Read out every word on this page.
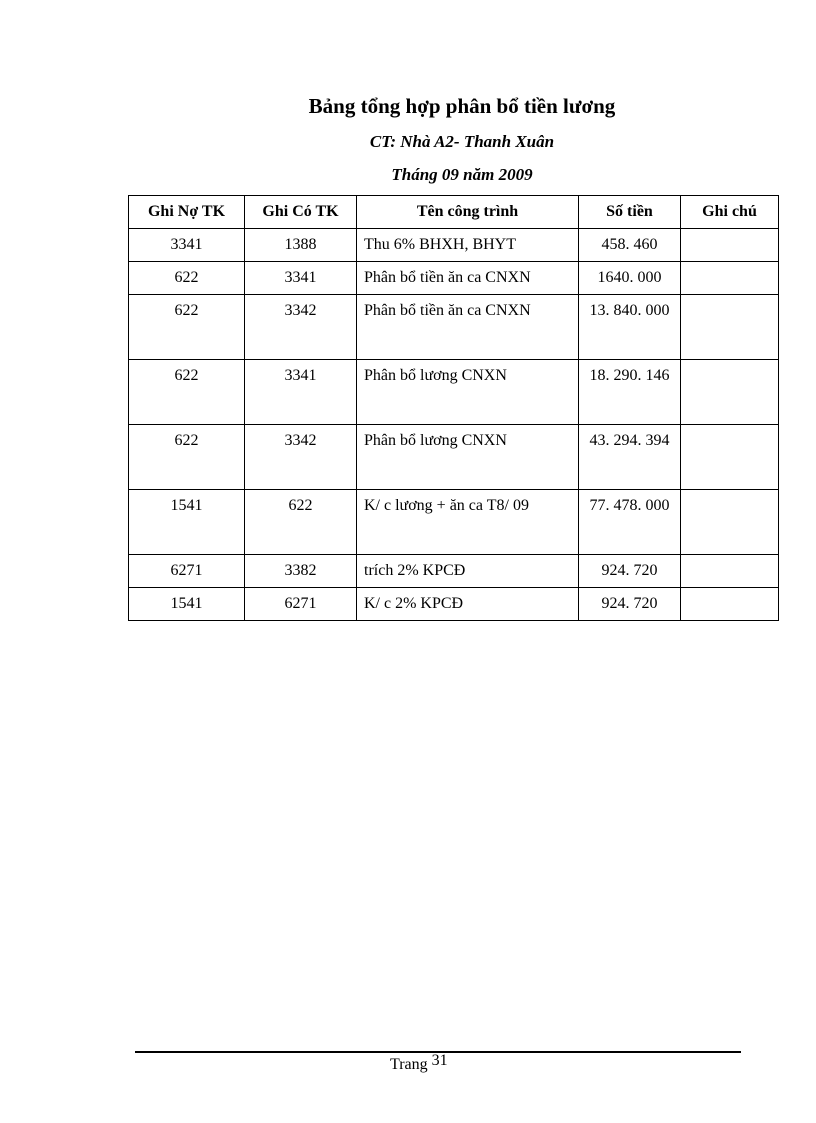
Bảng tổng hợp phân bổ tiền lương
CT: Nhà A2- Thanh Xuân
Tháng 09 năm 2009
Ghi Nợ TK	Ghi Có TK	Tên công trình	Số tiền	Ghi chú
3341	1388	Thu 6% BHXH, BHYT	458. 460	
622	3341	Phân bổ tiền ăn ca CNXN	1640. 000	
622	3342	Phân bổ tiền ăn ca CNXN	13. 840. 000	
622	3341	Phân bổ lương CNXN	18. 290. 146	
622	3342	Phân bổ lương CNXN	43. 294. 394	
1541	622	K/ c lương + ăn ca T8/ 09	77. 478. 000	
6271	3382	trích 2% KPCĐ	924. 720	
1541	6271	K/ c 2% KPCĐ	924. 720	
Trang 31
